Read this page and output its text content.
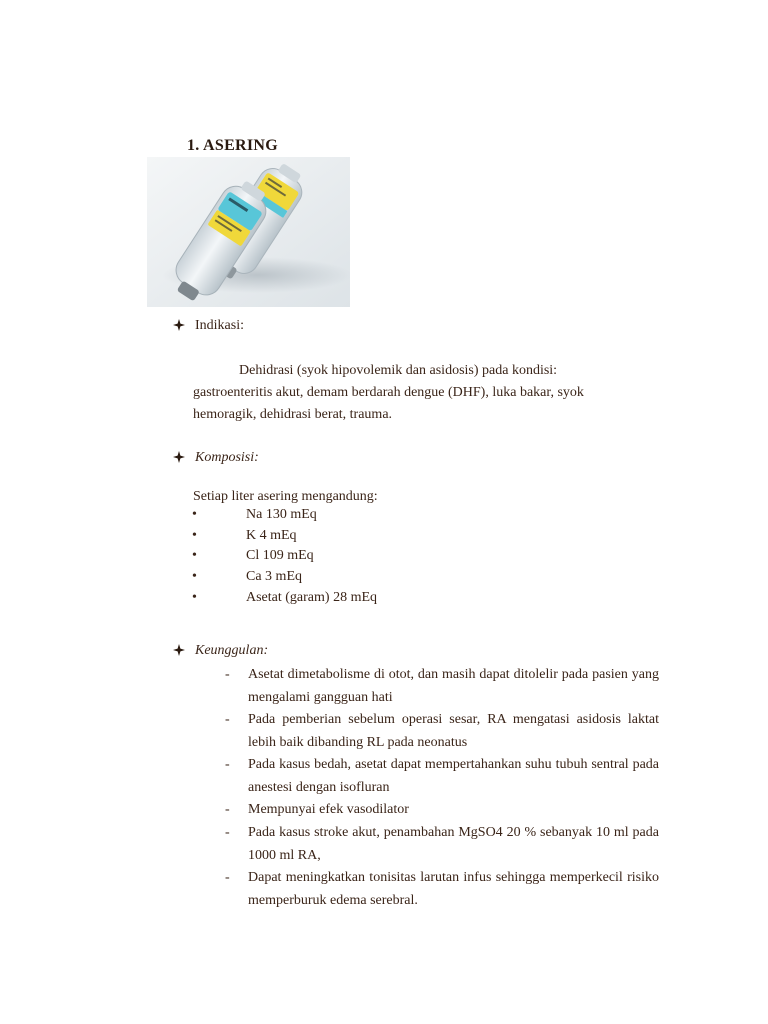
1. ASERING
Indikasi:
Dehidrasi (syok hipovolemik dan asidosis) pada kondisi:
gastroenteritis akut, demam berdarah dengue (DHF), luka bakar, syok
hemoragik, dehidrasi berat, trauma.
Komposisi:
Setiap liter asering mengandung:
•	Na 130 mEq
•	K 4 mEq
•	Cl 109 mEq
•	Ca 3 mEq
•	Asetat (garam) 28 mEq
Keunggulan:
- Asetat dimetabolisme di otot, dan masih dapat ditolelir pada pasien yang mengalami gangguan hati
- Pada pemberian sebelum operasi sesar, RA mengatasi asidosis laktat lebih baik dibanding RL pada neonatus
- Pada kasus bedah, asetat dapat mempertahankan suhu tubuh sentral pada anestesi dengan isofluran
- Mempunyai efek vasodilator
- Pada kasus stroke akut, penambahan MgSO4 20 % sebanyak 10 ml pada 1000 ml RA,
- Dapat meningkatkan tonisitas larutan infus sehingga memperkecil risiko memperburuk edema serebral.
